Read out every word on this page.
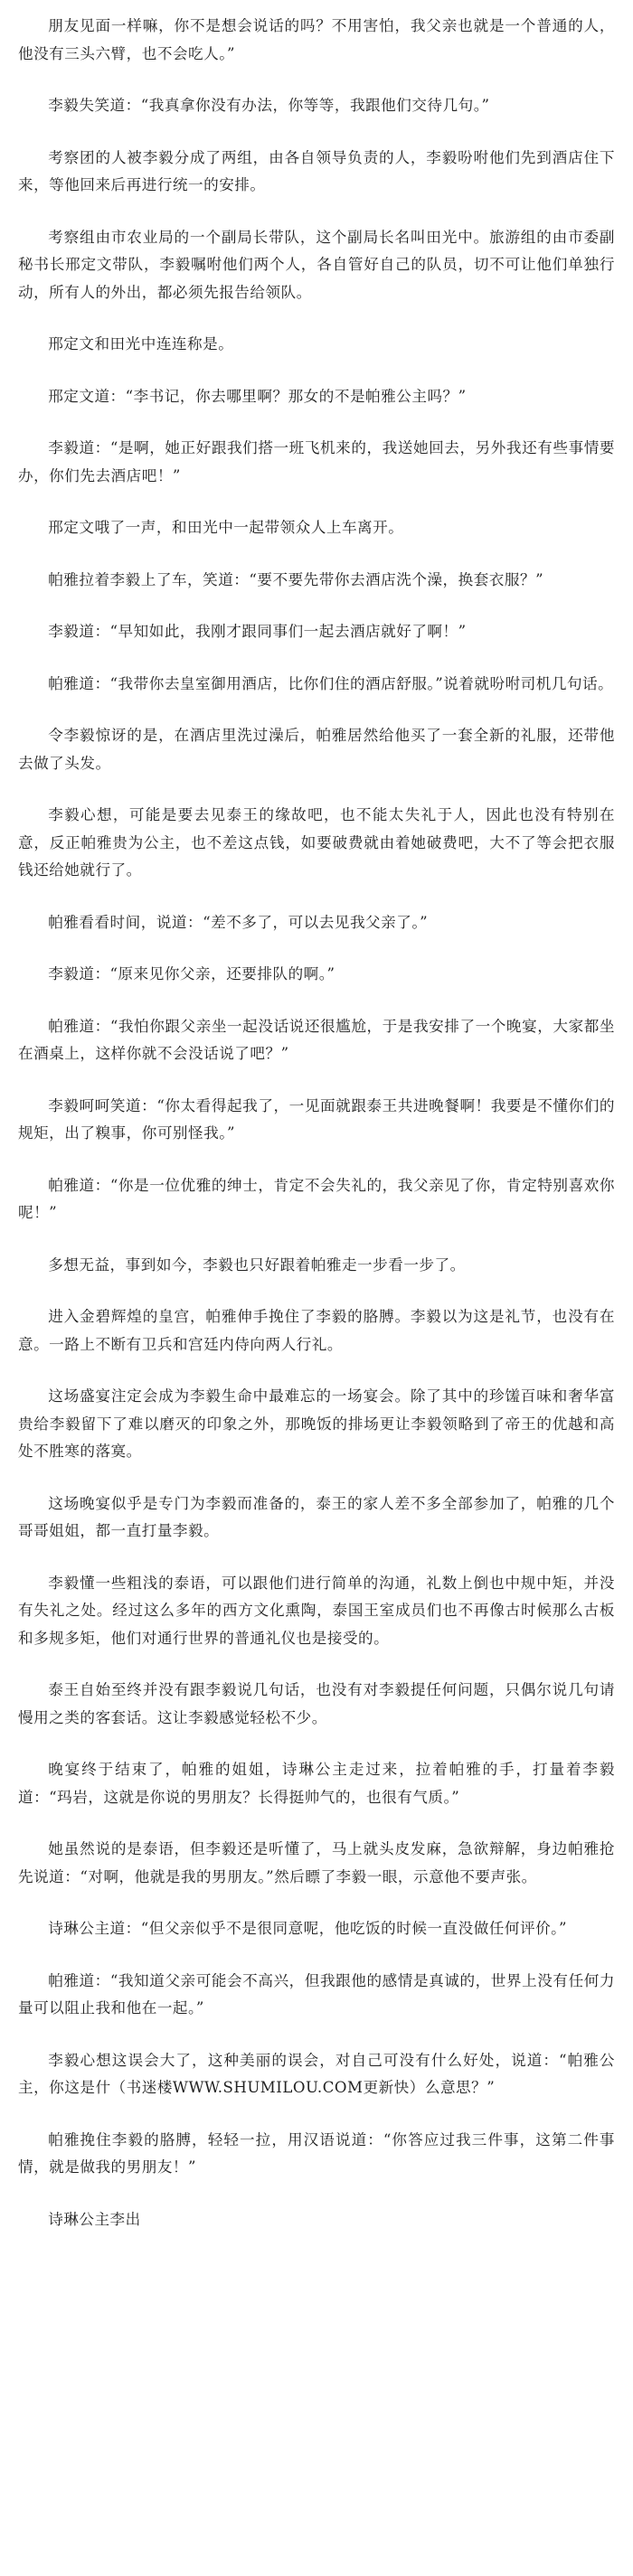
朋友见面一样嘛，你不是想会说话的吗？不用害怕，我父亲也就是一个普通的人，他没有三头六臂，也不会吃人。”

李毅失笑道：“我真拿你没有办法，你等等，我跟他们交待几句。”

考察团的人被李毅分成了两组，由各自领导负责的人，李毅吩咐他们先到酒店住下来，等他回来后再进行统一的安排。

考察组由市农业局的一个副局长带队，这个副局长名叫田光中。旅游组的由市委副秘书长邢定文带队，李毅嘱咐他们两个人，各自管好自己的队员，切不可让他们单独行动，所有人的外出，都必须先报告给领队。

邢定文和田光中连连称是。

邢定文道：“李书记，你去哪里啊？那女的不是帕雅公主吗？”

李毅道：“是啊，她正好跟我们搭一班飞机来的，我送她回去，另外我还有些事情要办，你们先去酒店吧！”

邢定文哦了一声，和田光中一起带领众人上车离开。

帕雅拉着李毅上了车，笑道：“要不要先带你去酒店洗个澡，换套衣服？”

李毅道：“早知如此，我刚才跟同事们一起去酒店就好了啊！”

帕雅道：“我带你去皇室御用酒店，比你们住的酒店舒服。”说着就吩咐司机几句话。

令李毅惊讶的是，在酒店里洗过澡后，帕雅居然给他买了一套全新的礼服，还带他去做了头发。

李毅心想，可能是要去见泰王的缘故吧，也不能太失礼于人，因此也没有特别在意，反正帕雅贵为公主，也不差这点钱，如要破费就由着她破费吧，大不了等会把衣服钱还给她就行了。

帕雅看看时间，说道：“差不多了，可以去见我父亲了。”

李毅道：“原来见你父亲，还要排队的啊。”

帕雅道：“我怕你跟父亲坐一起没话说还很尴尬，于是我安排了一个晚宴，大家都坐在酒桌上，这样你就不会没话说了吧？”

李毅呵呵笑道：“你太看得起我了，一见面就跟泰王共进晚餐啊！我要是不懂你们的规矩，出了糗事，你可别怪我。”

帕雅道：“你是一位优雅的绅士，肯定不会失礼的，我父亲见了你，肯定特别喜欢你呢！”

多想无益，事到如今，李毅也只好跟着帕雅走一步看一步了。

进入金碧辉煌的皇宫，帕雅伸手挽住了李毅的胳膊。李毅以为这是礼节，也没有在意。一路上不断有卫兵和宫廷内侍向两人行礼。

这场盛宴注定会成为李毅生命中最难忘的一场宴会。除了其中的珍馐百味和奢华富贵给李毅留下了难以磨灭的印象之外，那晚饭的排场更让李毅领略到了帝王的优越和高处不胜寒的落寞。

这场晚宴似乎是专门为李毅而准备的，泰王的家人差不多全部参加了，帕雅的几个哥哥姐姐，都一直打量李毅。

李毅懂一些粗浅的泰语，可以跟他们进行简单的沟通，礼数上倒也中规中矩，并没有失礼之处。经过这么多年的西方文化熏陶，泰国王室成员们也不再像古时候那么古板和多规多矩，他们对通行世界的普通礼仪也是接受的。

泰王自始至终并没有跟李毅说几句话，也没有对李毅提任何问题，只偶尔说几句请慢用之类的客套话。这让李毅感觉轻松不少。

晚宴终于结束了，帕雅的姐姐，诗琳公主走过来，拉着帕雅的手，打量着李毅道：“玛岩，这就是你说的男朋友？长得挺帅气的，也很有气质。”

她虽然说的是泰语，但李毅还是听懂了，马上就头皮发麻，急欲辩解，身边帕雅抢先说道：“对啊，他就是我的男朋友。”然后瞟了李毅一眼，示意他不要声张。

诗琳公主道：“但父亲似乎不是很同意呢，他吃饭的时候一直没做任何评价。”

帕雅道：“我知道父亲可能会不高兴，但我跟他的感情是真诚的，世界上没有任何力量可以阻止我和他在一起。”

李毅心想这误会大了，这种美丽的误会，对自己可没有什么好处，说道：“帕雅公主，你这是什（书迷楼WWW.SHUMILOU.COM更新快）么意思？”

帕雅挽住李毅的胳膊，轻轻一拉，用汉语说道：“你答应过我三件事，这第二件事情，就是做我的男朋友！”

诗琳公主李出
